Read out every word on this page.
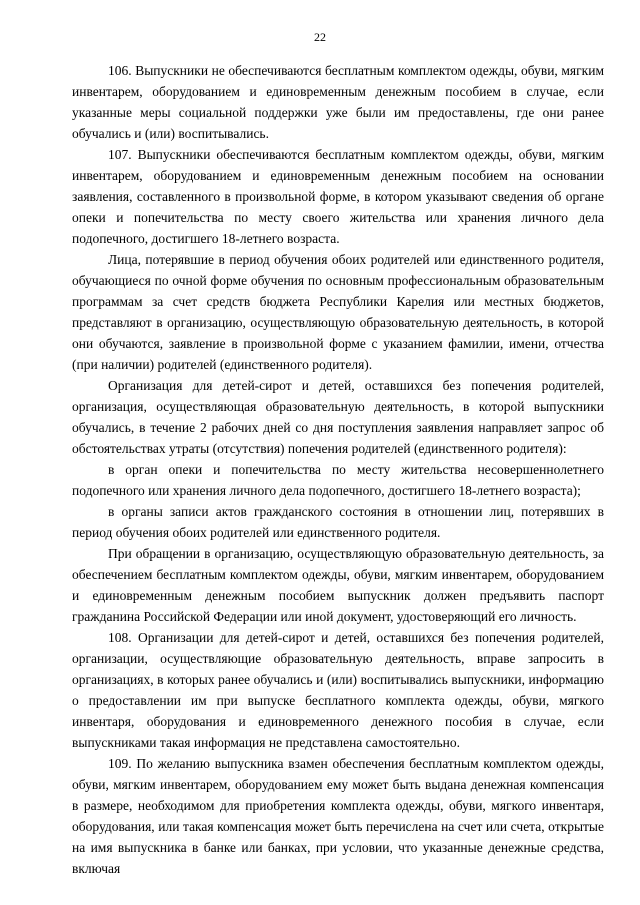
22

106. Выпускники не обеспечиваются бесплатным комплектом одежды, обуви, мягким инвентарем, оборудованием и единовременным денежным пособием в случае, если указанные меры социальной поддержки уже были им предоставлены, где они ранее обучались и (или) воспитывались.

107. Выпускники обеспечиваются бесплатным комплектом одежды, обуви, мягким инвентарем, оборудованием и единовременным денежным пособием на основании заявления, составленного в произвольной форме, в котором указывают сведения об органе опеки и попечительства по месту своего жительства или хранения личного дела подопечного, достигшего 18-летнего возраста.

Лица, потерявшие в период обучения обоих родителей или единственного родителя, обучающиеся по очной форме обучения по основным профессиональным образовательным программам за счет средств бюджета Республики Карелия или местных бюджетов, представляют в организацию, осуществляющую образовательную деятельность, в которой они обучаются, заявление в произвольной форме с указанием фамилии, имени, отчества (при наличии) родителей (единственного родителя).

Организация для детей-сирот и детей, оставшихся без попечения родителей, организация, осуществляющая образовательную деятельность, в которой выпускники обучались, в течение 2 рабочих дней со дня поступления заявления направляет запрос об обстоятельствах утраты (отсутствия) попечения родителей (единственного родителя):

в орган опеки и попечительства по месту жительства несовершеннолетнего подопечного или хранения личного дела подопечного, достигшего 18-летнего возраста);

в органы записи актов гражданского состояния в отношении лиц, потерявших в период обучения обоих родителей или единственного родителя.

При обращении в организацию, осуществляющую образовательную деятельность, за обеспечением бесплатным комплектом одежды, обуви, мягким инвентарем, оборудованием и единовременным денежным пособием выпускник должен предъявить паспорт гражданина Российской Федерации или иной документ, удостоверяющий его личность.

108. Организации для детей-сирот и детей, оставшихся без попечения родителей, организации, осуществляющие образовательную деятельность, вправе запросить в организациях, в которых ранее обучались и (или) воспитывались выпускники, информацию о предоставлении им при выпуске бесплатного комплекта одежды, обуви, мягкого инвентаря, оборудования и единовременного денежного пособия в случае, если выпускниками такая информация не представлена самостоятельно.

109. По желанию выпускника взамен обеспечения бесплатным комплектом одежды, обуви, мягким инвентарем, оборудованием ему может быть выдана денежная компенсация в размере, необходимом для приобретения комплекта одежды, обуви, мягкого инвентаря, оборудования, или такая компенсация может быть перечислена на счет или счета, открытые на имя выпускника в банке или банках, при условии, что указанные денежные средства, включая
